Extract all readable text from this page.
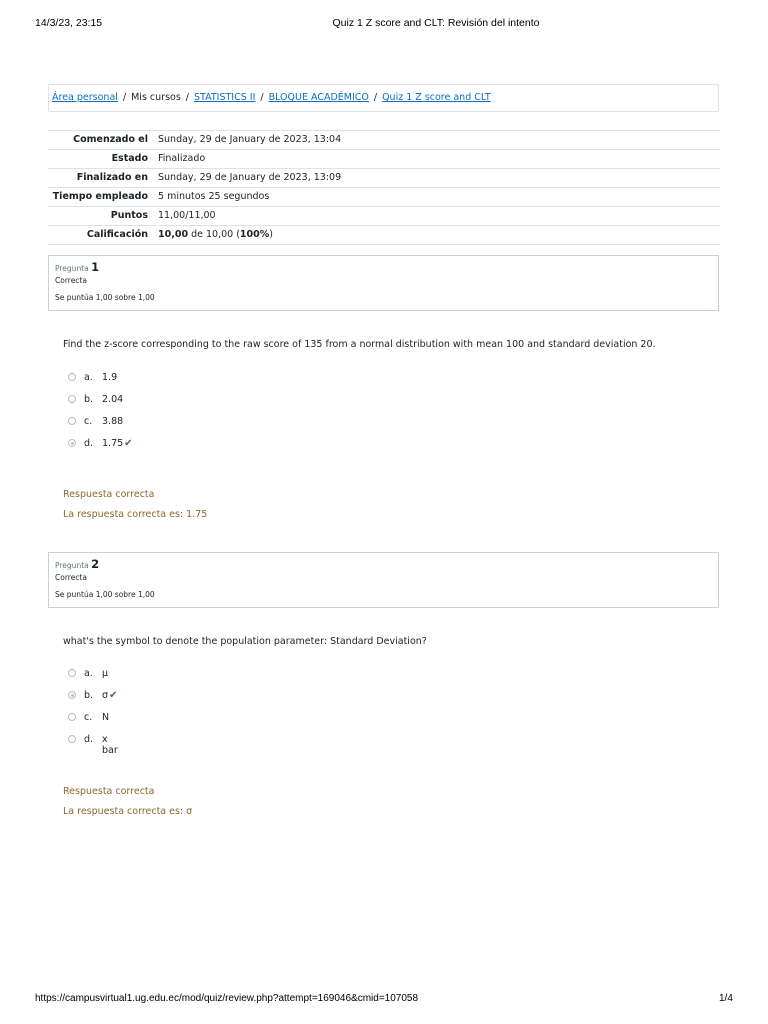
14/3/23, 23:15	Quiz 1 Z score and CLT: Revisión del intento
Área personal / Mis cursos / STATISTICS II / BLOQUE ACADÉMICO / Quiz 1 Z score and CLT
Comenzado el	Sunday, 29 de January de 2023, 13:04
Estado	Finalizado
Finalizado en	Sunday, 29 de January de 2023, 13:09
Tiempo empleado	5 minutos 25 segundos
Puntos	11,00/11,00
Calificación	10,00 de 10,00 (100%)
Pregunta 1
Correcta
Se puntúa 1,00 sobre 1,00
Find the z-score corresponding to the raw score of 135 from a normal distribution with mean 100 and standard deviation 20.
a. 1.9
b. 2.04
c. 3.88
d. 1.75✔
Respuesta correcta
La respuesta correcta es: 1.75
Pregunta 2
Correcta
Se puntúa 1,00 sobre 1,00
what's the symbol to denote the population parameter: Standard Deviation?
a. μ
b. σ✔
c. N
d. x bar
Respuesta correcta
La respuesta correcta es: σ
https://campusvirtual1.ug.edu.ec/mod/quiz/review.php?attempt=169046&cmid=107058	1/4
